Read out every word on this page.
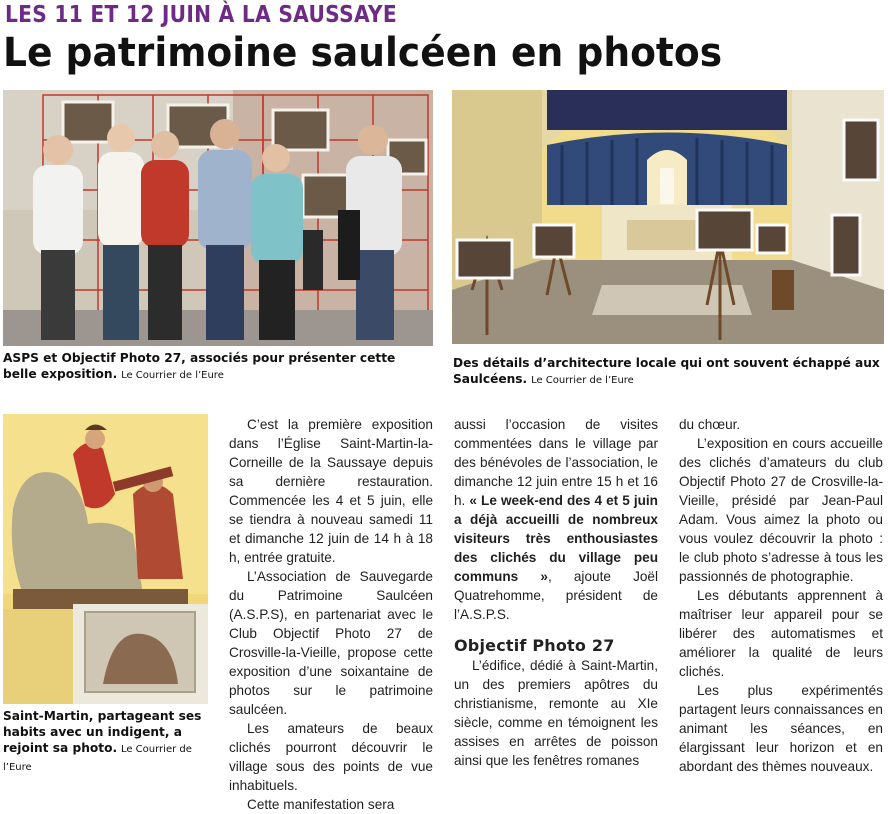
LES 11 ET 12 JUIN À LA SAUSSAYE
Le patrimoine saulcéen en photos
ASPS et Objectif Photo 27, associés pour présenter cette belle exposition. Le Courrier de l’Eure
Des détails d’architecture locale qui ont souvent échappé aux Saulcéens. Le Courrier de l’Eure
Saint-Martin, partageant ses habits avec un indigent, a rejoint sa photo. Le Courrier de l’Eure

C’est la première exposition dans l’Église Saint-Martin-la-Corneille de la Saussaye depuis sa dernière restauration. Commencée les 4 et 5 juin, elle se tiendra à nouveau samedi 11 et dimanche 12 juin de 14 h à 18 h, entrée gratuite.

L’Association de Sauvegarde du Patrimoine Saulcéen (A.S.P.S), en partenariat avec le Club Objectif Photo 27 de Crosville-la-Vieille, propose cette exposition d’une soixantaine de photos sur le patrimoine saulcéen.

Les amateurs de beaux clichés pourront découvrir le village sous des points de vue inhabituels.

Cette manifestation sera

aussi l’occasion de visites commentées dans le village par des bénévoles de l’association, le dimanche 12 juin entre 15 h et 16 h. « Le week-end des 4 et 5 juin a déjà accueilli de nombreux visiteurs très enthousiastes des clichés du village peu communs », ajoute Joël Quatrehomme, président de l’A.S.P.S.

Objectif Photo 27

L’édifice, dédié à Saint-Martin, un des premiers apôtres du christianisme, remonte au XIe siècle, comme en témoignent les assises en arrêtes de poisson ainsi que les fenêtres romanes

du chœur.

L’exposition en cours accueille des clichés d’amateurs du club Objectif Photo 27 de Crosville-la-Vieille, présidé par Jean-Paul Adam. Vous aimez la photo ou vous voulez découvrir la photo : le club photo s’adresse à tous les passionnés de photographie.

Les débutants apprennent à maîtriser leur appareil pour se libérer des automatismes et améliorer la qualité de leurs clichés.

Les plus expérimentés partagent leurs connaissances en animant les séances, en élargissant leur horizon et en abordant des thèmes nouveaux.
